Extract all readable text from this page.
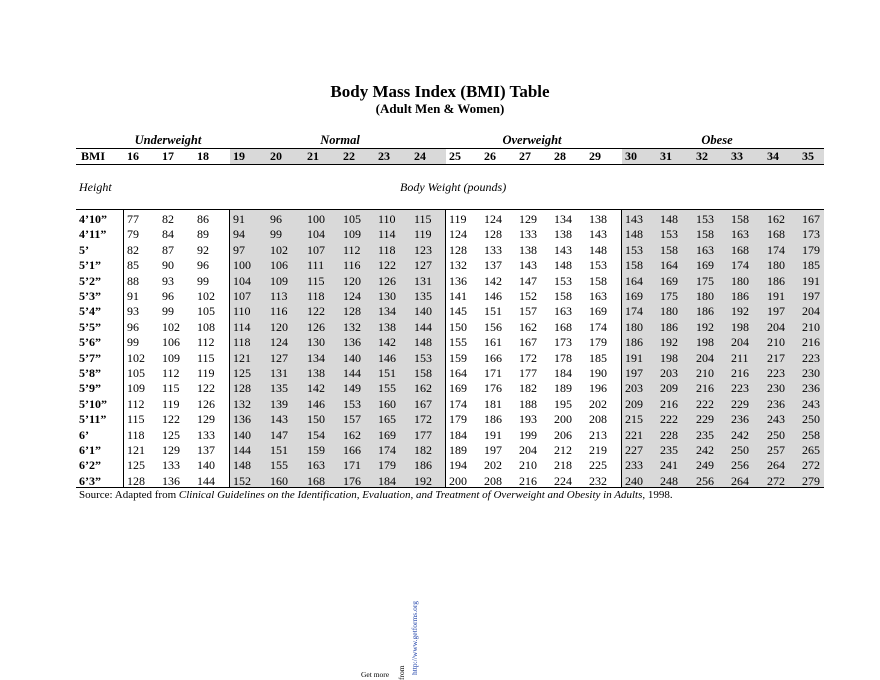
Body Mass Index (BMI) Table
(Adult Men & Women)
Underweight	Normal	Overweight	Obese
BMI	16	17	18	19	20	21	22	23	24	25	26	27	28	29	30	31	32	33	34	35
Height	Body Weight (pounds)
4’10” 77 82 86 91 96 100 105 110 115 119 124 129 134 138 143 148 153 158 162 167
4’11” 79 84 89 94 99 104 109 114 119 124 128 133 138 143 148 153 158 163 168 173
5’	82 87 92 97 102 107 112 118 123 128 133 138 143 148 153 158 163 168 174 179
5’1” 85 90 96 100 106 111 116 122 127 132 137 143 148 153 158 164 169 174 180 185
5’2” 88 93 99 104 109 115 120 126 131 136 142 147 153 158 164 169 175 180 186 191
5’3” 91 96 102 107 113 118 124 130 135 141 146 152 158 163 169 175 180 186 191 197
5’4” 93 99 105 110 116 122 128 134 140 145 151 157 163 169 174 180 186 192 197 204
5’5” 96 102 108 114 120 126 132 138 144 150 156 162 168 174 180 186 192 198 204 210
5’6” 99 106 112 118 124 130 136 142 148 155 161 167 173 179 186 192 198 204 210 216
5’7” 102 109 115 121 127 134 140 146 153 159 166 172 178 185 191 198 204 211 217 223
5’8” 105 112 119 125 131 138 144 151 158 164 171 177 184 190 197 203 210 216 223 230
5’9” 109 115 122 128 135 142 149 155 162 169 176 182 189 196 203 209 216 223 230 236
5’10” 112 119 126 132 139 146 153 160 167 174 181 188 195 202 209 216 222 229 236 243
5’11” 115 122 129 136 143 150 157 165 172 179 186 193 200 208 215 222 229 236 243 250
6’	118 125 133 140 147 154 162 169 177 184 191 199 206 213 221 228 235 242 250 258
6’1” 121 129 137 144 151 159 166 174 182 189 197 204 212 219 227 235 242 250 257 265
6’2” 125 133 140 148 155 163 171 179 186 194 202 210 218 225 233 241 249 256 264 272
6’3” 128 136 144 152 160 168 176 184 192 200 208 216 224 232 240 248 256 264 272 279
Source: Adapted from Clinical Guidelines on the Identification, Evaluation, and Treatment of Overweight and Obesity in Adults, 1998.
http://www.getforms.org
from
Get more
